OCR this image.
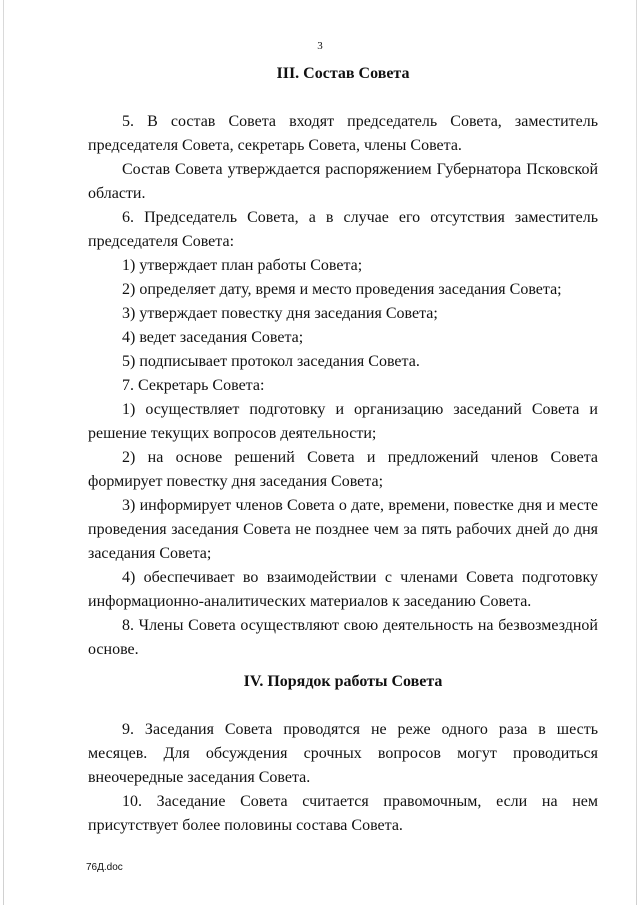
3
III. Состав Совета

5. В состав Совета входят председатель Совета, заместитель председателя Совета, секретарь Совета, члены Совета.

Состав Совета утверждается распоряжением Губернатора Псковской области.

6. Председатель Совета, а в случае его отсутствия заместитель председателя Совета:

1) утверждает план работы Совета;

2) определяет дату, время и место проведения заседания Совета;

3) утверждает повестку дня заседания Совета;

4) ведет заседания Совета;

5) подписывает протокол заседания Совета.

7. Секретарь Совета:

1) осуществляет подготовку и организацию заседаний Совета и решение текущих вопросов деятельности;

2) на основе решений Совета и предложений членов Совета формирует повестку дня заседания Совета;

3) информирует членов Совета о дате, времени, повестке дня и месте проведения заседания Совета не позднее чем за пять рабочих дней до дня заседания Совета;

4) обеспечивает во взаимодействии с членами Совета подготовку информационно-аналитических материалов к заседанию Совета.

8. Члены Совета осуществляют свою деятельность на безвозмездной основе.

IV. Порядок работы Совета

9. Заседания Совета проводятся не реже одного раза в шесть месяцев. Для обсуждения срочных вопросов могут проводиться внеочередные заседания Совета.

10. Заседание Совета считается правомочным, если на нем присутствует более половины состава Совета.

76Д.doc
